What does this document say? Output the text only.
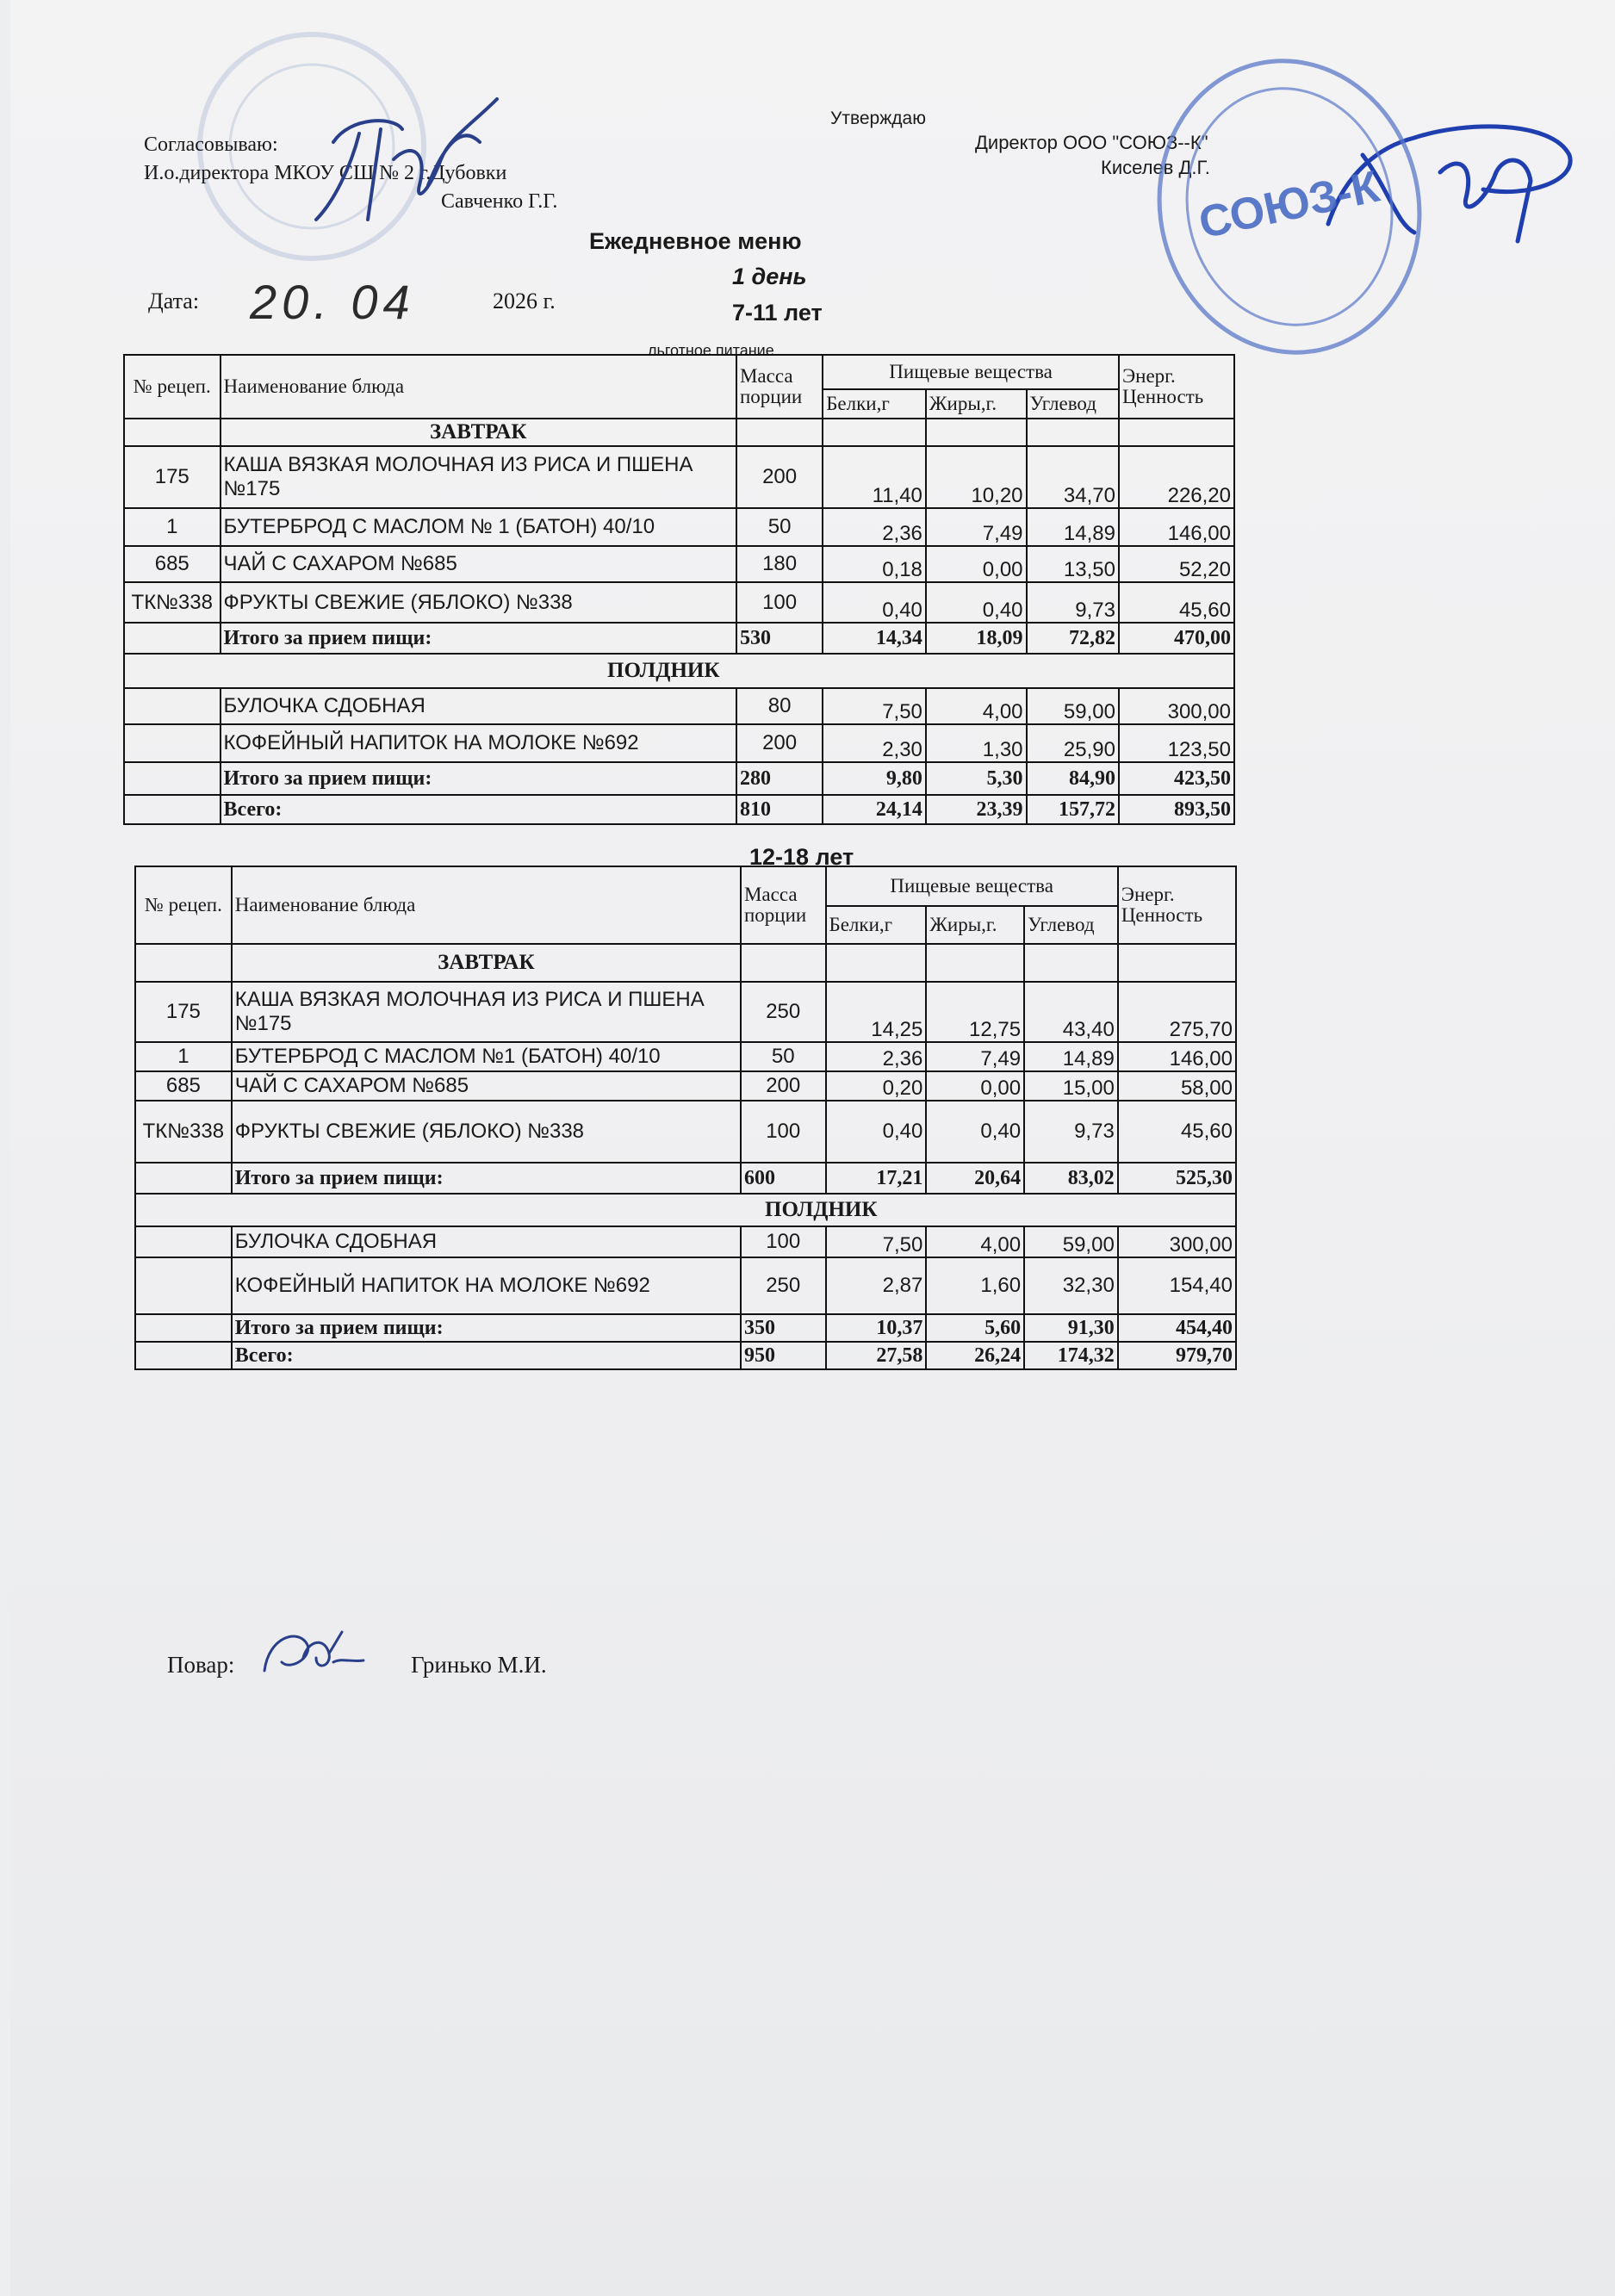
Утверждаю
Директор ООО "СОЮЗ--К"
Киселев Д.Г.
Согласовываю:
И.о.директора МКОУ СШ № 2 г.Дубовки
Савченко Г.Г.
Ежедневное меню
1 день
Дата: 20. 04	2026 г.	7-11 лет
льготное питание
СОЮЗ-К
№ рецеп.	Наименование блюда	Масса порции	Пищевые вещества			Энерг. Ценность
			Белки,г	Жиры,г.	Углевод	
	ЗАВТРАК					
175	КАША ВЯЗКАЯ МОЛОЧНАЯ ИЗ РИСА И ПШЕНА №175	200	11,40	10,20	34,70	226,20
1	БУТЕРБРОД С МАСЛОМ № 1 (БАТОН) 40/10	50	2,36	7,49	14,89	146,00
685	ЧАЙ С САХАРОМ №685	180	0,18	0,00	13,50	52,20
ТК№338	ФРУКТЫ СВЕЖИЕ (ЯБЛОКО) №338	100	0,40	0,40	9,73	45,60
	Итого за прием пищи:	530	14,34	18,09	72,82	470,00
ПОЛДНИК						
	БУЛОЧКА СДОБНАЯ	80	7,50	4,00	59,00	300,00
	КОФЕЙНЫЙ НАПИТОК НА МОЛОКЕ №692	200	2,30	1,30	25,90	123,50
	Итого за прием пищи:	280	9,80	5,30	84,90	423,50
	Всего:	810	24,14	23,39	157,72	893,50
12-18 лет
№ рецеп.	Наименование блюда	Масса порции	Пищевые вещества			Энерг. Ценность
			Белки,г	Жиры,г.	Углевод	
	ЗАВТРАК					
175	КАША ВЯЗКАЯ МОЛОЧНАЯ ИЗ РИСА И ПШЕНА №175	250	14,25	12,75	43,40	275,70
1	БУТЕРБРОД С МАСЛОМ №1 (БАТОН) 40/10	50	2,36	7,49	14,89	146,00
685	ЧАЙ С САХАРОМ №685	200	0,20	0,00	15,00	58,00
ТК№338	ФРУКТЫ СВЕЖИЕ (ЯБЛОКО) №338	100	0,40	0,40	9,73	45,60
	Итого за прием пищи:	600	17,21	20,64	83,02	525,30
ПОЛДНИК						
	БУЛОЧКА СДОБНАЯ	100	7,50	4,00	59,00	300,00
	КОФЕЙНЫЙ НАПИТОК НА МОЛОКЕ №692	250	2,87	1,60	32,30	154,40
	Итого за прием пищи:	350	10,37	5,60	91,30	454,40
	Всего:	950	27,58	26,24	174,32	979,70
Повар:	Гринько М.И.
